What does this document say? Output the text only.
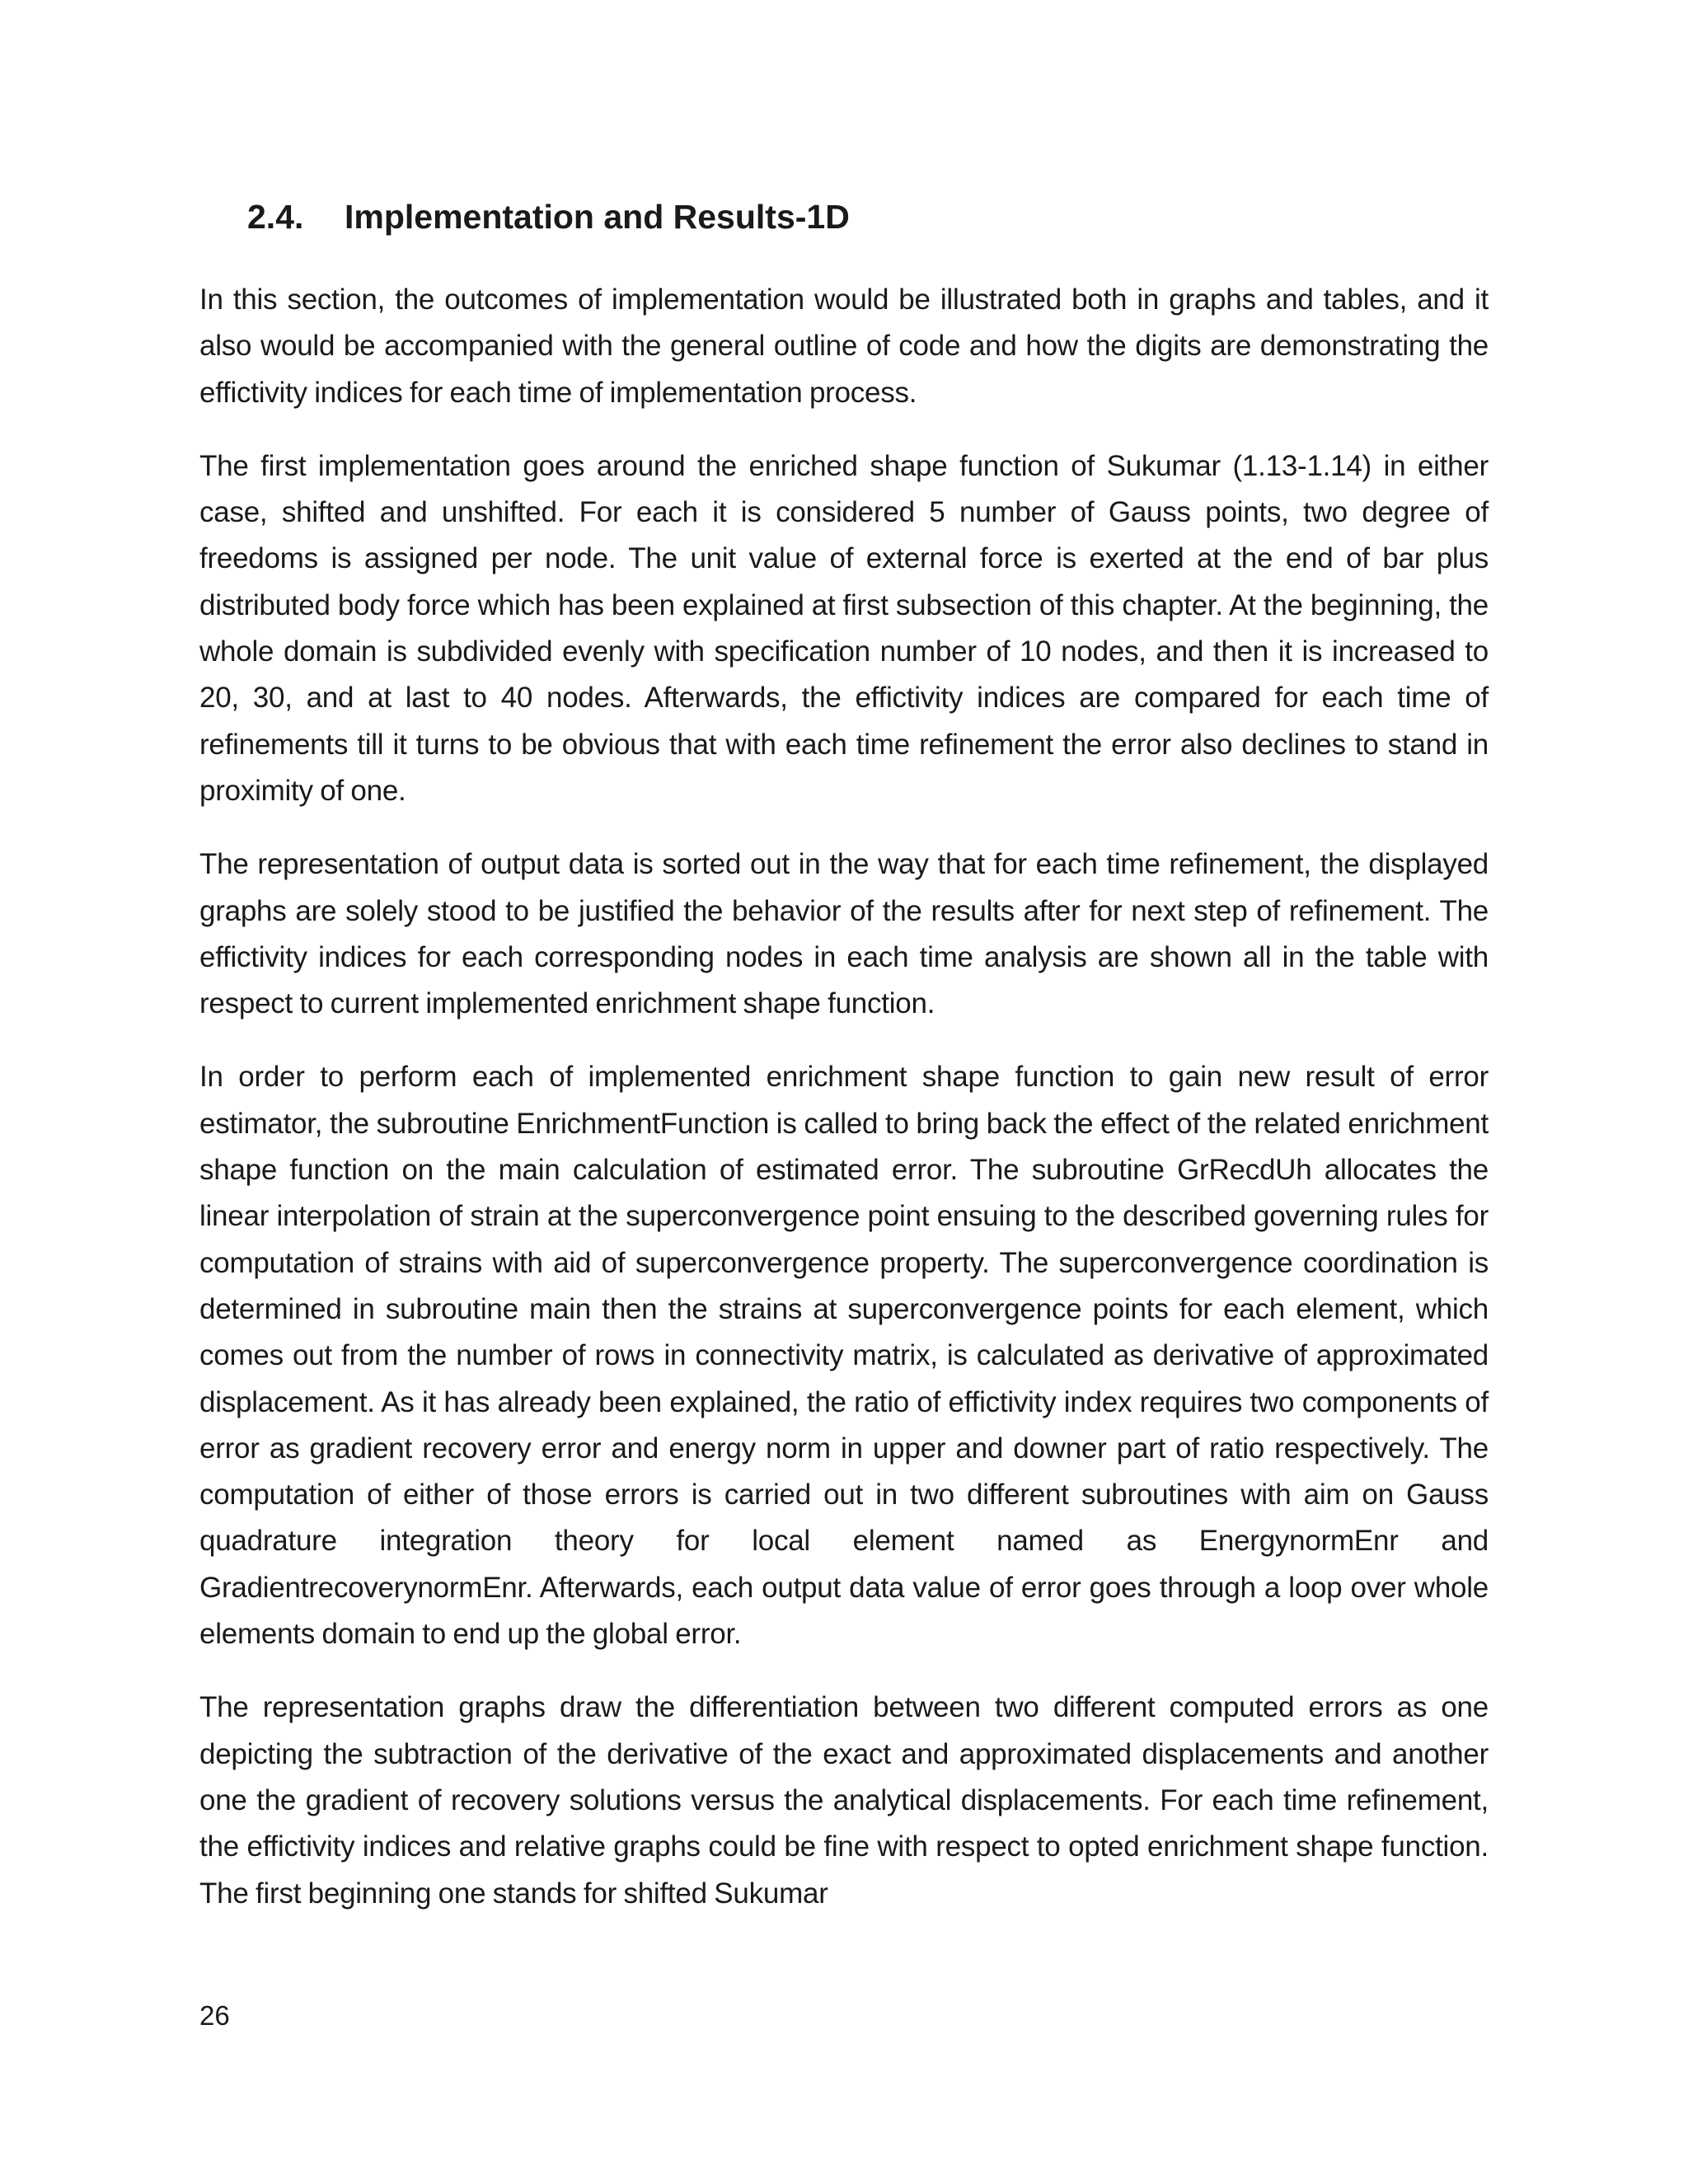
2.4. Implementation and Results-1D

In this section, the outcomes of implementation would be illustrated both in graphs and tables, and it also would be accompanied with the general outline of code and how the digits are demonstrating the effictivity indices for each time of implementation process.

The first implementation goes around the enriched shape function of Sukumar (1.13-1.14) in either case, shifted and unshifted. For each it is considered 5 number of Gauss points, two degree of freedoms is assigned per node. The unit value of external force is exerted at the end of bar plus distributed body force which has been explained at first subsection of this chapter. At the beginning, the whole domain is subdivided evenly with specification number of 10 nodes, and then it is increased to 20, 30, and at last to 40 nodes. Afterwards, the effictivity indices are compared for each time of refinements till it turns to be obvious that with each time refinement the error also declines to stand in proximity of one.

The representation of output data is sorted out in the way that for each time refinement, the displayed graphs are solely stood to be justified the behavior of the results after for next step of refinement. The effictivity indices for each corresponding nodes in each time analysis are shown all in the table with respect to current implemented enrichment shape function.

In order to perform each of implemented enrichment shape function to gain new result of error estimator, the subroutine EnrichmentFunction is called to bring back the effect of the related enrichment shape function on the main calculation of estimated error. The subroutine GrRecdUh allocates the linear interpolation of strain at the superconvergence point ensuing to the described governing rules for computation of strains with aid of superconvergence property. The superconvergence coordination is determined in subroutine main then the strains at superconvergence points for each element, which comes out from the number of rows in connectivity matrix, is calculated as derivative of approximated displacement. As it has already been explained, the ratio of effictivity index requires two components of error as gradient recovery error and energy norm in upper and downer part of ratio respectively. The computation of either of those errors is carried out in two different subroutines with aim on Gauss quadrature integration theory for local element named as EnergynormEnr and GradientrecoverynormEnr. Afterwards, each output data value of error goes through a loop over whole elements domain to end up the global error.

The representation graphs draw the differentiation between two different computed errors as one depicting the subtraction of the derivative of the exact and approximated displacements and another one the gradient of recovery solutions versus the analytical displacements. For each time refinement, the effictivity indices and relative graphs could be fine with respect to opted enrichment shape function. The first beginning one stands for shifted Sukumar

26
